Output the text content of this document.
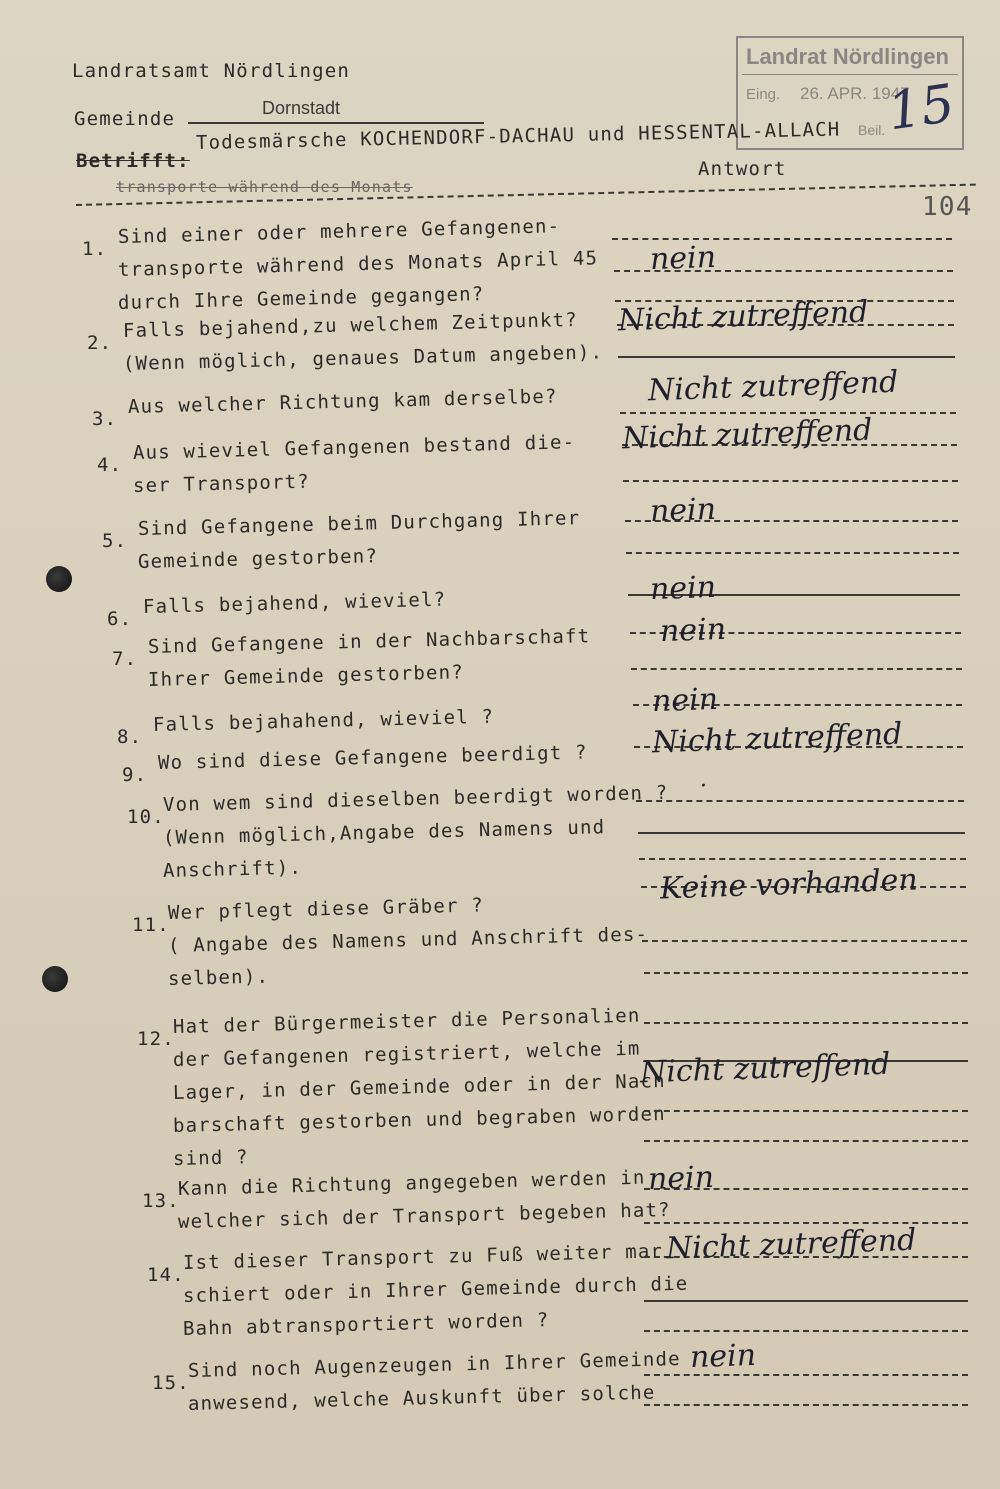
Landrat Nördlingen
Eing. 26. APR. 1947
Beil.
15
Landratsamt Nördlingen
Gemeinde	Dornstadt
Betrifft:
Todesmärsche KOCHENDORF-DACHAU und HESSENTAL-ALLACH
Antwort
transporte während des Monats
104
1.
Sind einer oder mehrere Gefangenen-
transporte während des Monats April 45
durch Ihre Gemeinde gegangen?
2.
Falls bejahend,zu welchem Zeitpunkt?
(Wenn möglich, genaues Datum angeben).
3.
Aus welcher Richtung kam derselbe?
4.
Aus wieviel Gefangenen bestand die-
ser Transport?
5.
Sind Gefangene beim Durchgang Ihrer
Gemeinde gestorben?
6.
Falls bejahend, wieviel?
7.
Sind Gefangene in der Nachbarschaft
Ihrer Gemeinde gestorben?
8.
Falls bejahahend, wieviel ?
9.
Wo sind diese Gefangene beerdigt ?
10.
Von wem sind dieselben beerdigt worden ?
(Wenn möglich,Angabe des Namens und
Anschrift).
11.
Wer pflegt diese Gräber ?
( Angabe des Namens und Anschrift des-
selben).
12.
Hat der Bürgermeister die Personalien
der Gefangenen registriert, welche im
Lager, in der Gemeinde oder in der Nach
barschaft gestorben und begraben worden
sind ?
13.
Kann die Richtung angegeben werden in
welcher sich der Transport begeben hat?
14.
Ist dieser Transport zu Fuß weiter mar
schiert oder in Ihrer Gemeinde durch die
Bahn abtransportiert worden ?
15.
Sind noch Augenzeugen in Ihrer Gemeinde
anwesend, welche Auskunft über solche
nein
Nicht zutreffend
Nicht zutreffend
Nicht zutreffend
nein
nein
nein
nein
Nicht zutreffend
Keine vorhanden
Nicht zutreffend
nein
Nicht zutreffend
nein
·
